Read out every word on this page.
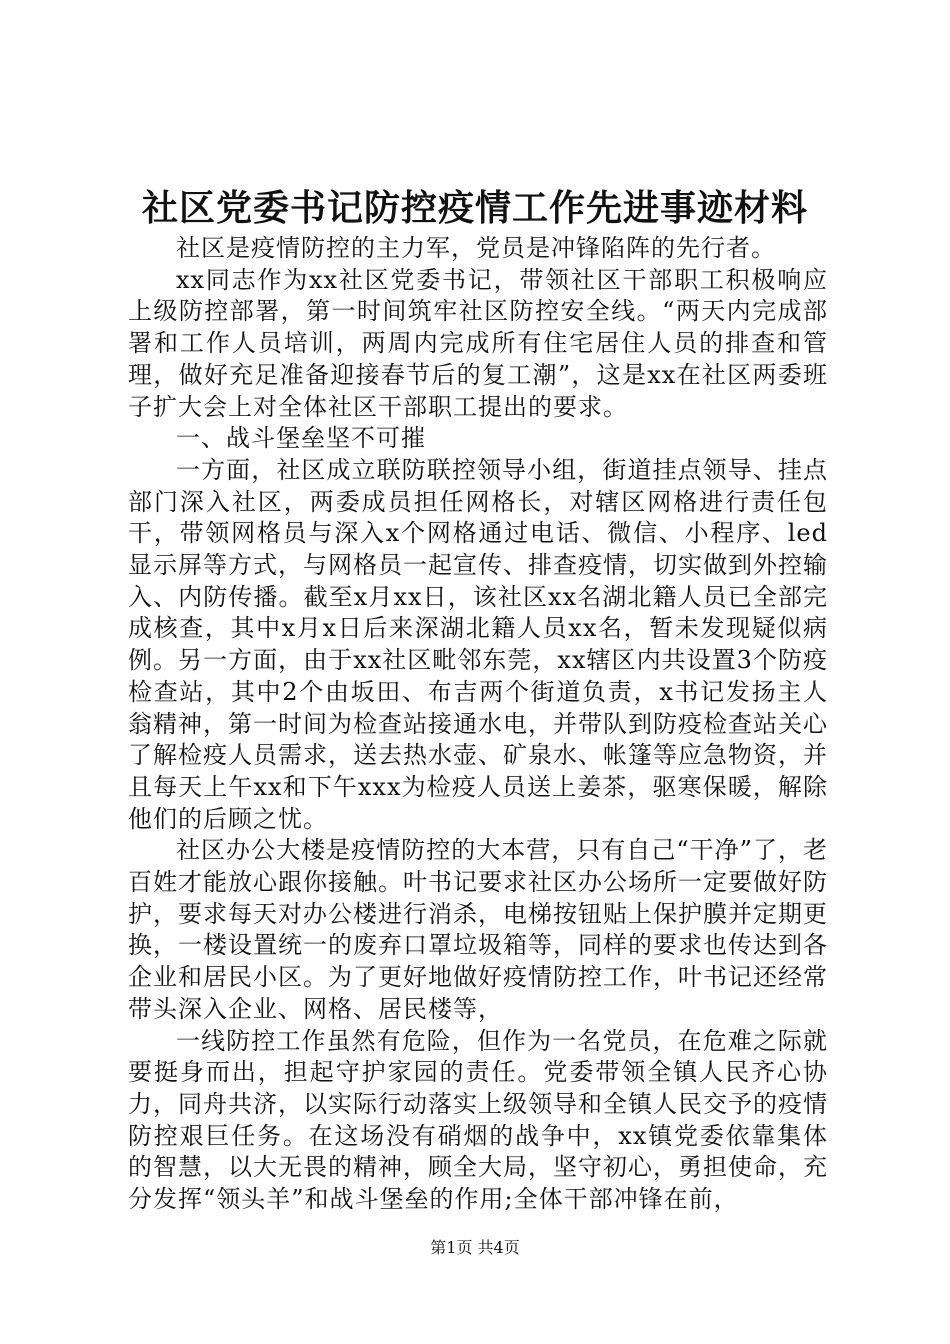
社区党委书记防控疫情工作先进事迹材料

社区是疫情防控的主力军，党员是冲锋陷阵的先行者。

xx同志作为xx社区党委书记，带领社区干部职工积极响应上级防控部署，第一时间筑牢社区防控安全线。“两天内完成部署和工作人员培训，两周内完成所有住宅居住人员的排查和管理，做好充足准备迎接春节后的复工潮”，这是xx在社区两委班子扩大会上对全体社区干部职工提出的要求。

一、战斗堡垒坚不可摧

一方面，社区成立联防联控领导小组，街道挂点领导、挂点部门深入社区，两委成员担任网格长，对辖区网格进行责任包干，带领网格员与深入x个网格通过电话、微信、小程序、led显示屏等方式，与网格员一起宣传、排查疫情，切实做到外控输入、内防传播。截至x月xx日，该社区xx名湖北籍人员已全部完成核查，其中x月x日后来深湖北籍人员xx名，暂未发现疑似病例。另一方面，由于xx社区毗邻东莞，xx辖区内共设置3个防疫检查站，其中2个由坂田、布吉两个街道负责，x书记发扬主人翁精神，第一时间为检查站接通水电，并带队到防疫检查站关心了解检疫人员需求，送去热水壶、矿泉水、帐篷等应急物资，并且每天上午xx和下午xxx为检疫人员送上姜茶，驱寒保暖，解除他们的后顾之忧。

社区办公大楼是疫情防控的大本营，只有自己“干净”了，老百姓才能放心跟你接触。叶书记要求社区办公场所一定要做好防护，要求每天对办公楼进行消杀，电梯按钮贴上保护膜并定期更换，一楼设置统一的废弃口罩垃圾箱等，同样的要求也传达到各企业和居民小区。为了更好地做好疫情防控工作，叶书记还经常带头深入企业、网格、居民楼等，

一线防控工作虽然有危险，但作为一名党员，在危难之际就要挺身而出，担起守护家园的责任。党委带领全镇人民齐心协力，同舟共济，以实际行动落实上级领导和全镇人民交予的疫情防控艰巨任务。在这场没有硝烟的战争中，xx镇党委依靠集体的智慧，以大无畏的精神，顾全大局，坚守初心，勇担使命，充分发挥“领头羊”和战斗堡垒的作用;全体干部冲锋在前，

第1页 共4页
